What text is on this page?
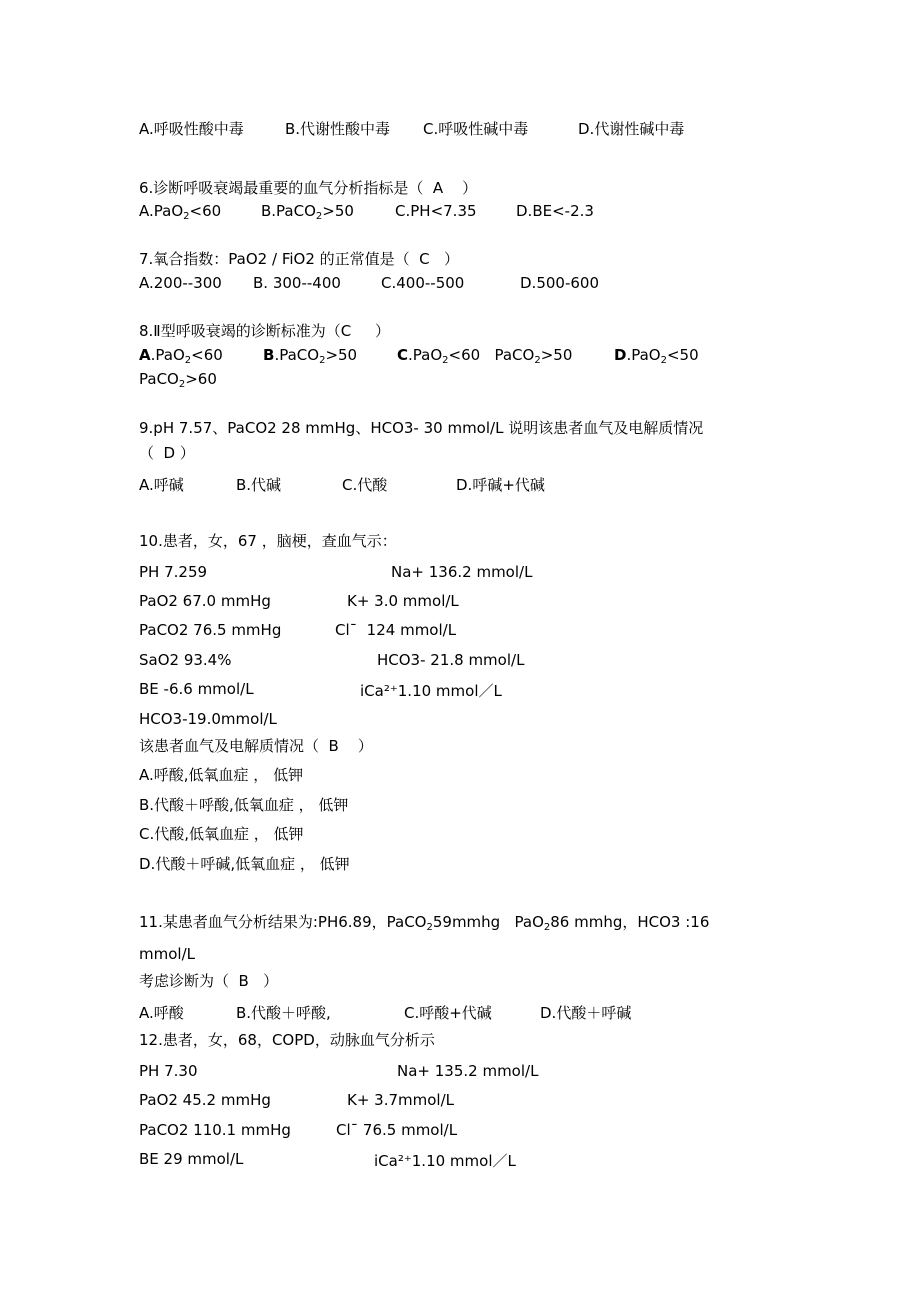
A.呼吸性酸中毒	B.代谢性酸中毒 C.呼吸性碱中毒	D.代谢性碱中毒
6.诊断呼吸衰竭最重要的血气分析指标是（  A    ）
A.PaO$_2$<60	B.PaCO$_2$>50	C.PH<7.35	D.BE<-2.3
7.氧合指数：PaO2 / FiO2 的正常值是（  C   ）
A.200--300 B. 300--400	C.400--500	D.500-600
8.Ⅱ型呼吸衰竭的诊断标准为（C     ）
A.PaO$_2$<60	B.PaCO$_2$>50	C.PaO$_2$<60   PaCO$_2$>50	D.PaO$_2$<50
PaCO$_2$>60
9.pH 7.57、PaCO2 28 mmHg、HCO3- 30 mmol/L 说明该患者血气及电解质情况
（  D ）
A.呼碱	B.代碱	C.代酸	D.呼碱+代碱
10.患者，女，67 ，脑梗，查血气示：
PH 7.259	Na+ 136.2 mmol/L
PaO2 67.0 mmHg	K+ 3.0 mmol/L
PaCO2 76.5 mmHg	Cl¯  124 mmol/L
SaO2 93.4%	HCO3- 21.8 mmol/L
BE -6.6 mmol/L	iCa²⁺1.10 mmol／L
HCO3-19.0mmol/L
该患者血气及电解质情况（  B    ）
A.呼酸,低氧血症 ， 低钾
B.代酸＋呼酸,低氧血症 ， 低钾
C.代酸,低氧血症 ， 低钾
D.代酸＋呼碱,低氧血症 ， 低钾
11.某患者血气分析结果为:PH6.89，PaCO$_2$59mmhg   PaO$_2$86 mmhg，HCO3 :16
mmol/L
考虑诊断为（  B   ）
A.呼酸	B.代酸＋呼酸,	C.呼酸+代碱	D.代酸＋呼碱
12.患者，女，68，COPD，动脉血气分析示
PH 7.30	Na+ 135.2 mmol/L
PaO2 45.2 mmHg	K+ 3.7mmol/L
PaCO2 110.1 mmHg	Cl¯ 76.5 mmol/L
BE 29 mmol/L	iCa²⁺1.10 mmol／L
